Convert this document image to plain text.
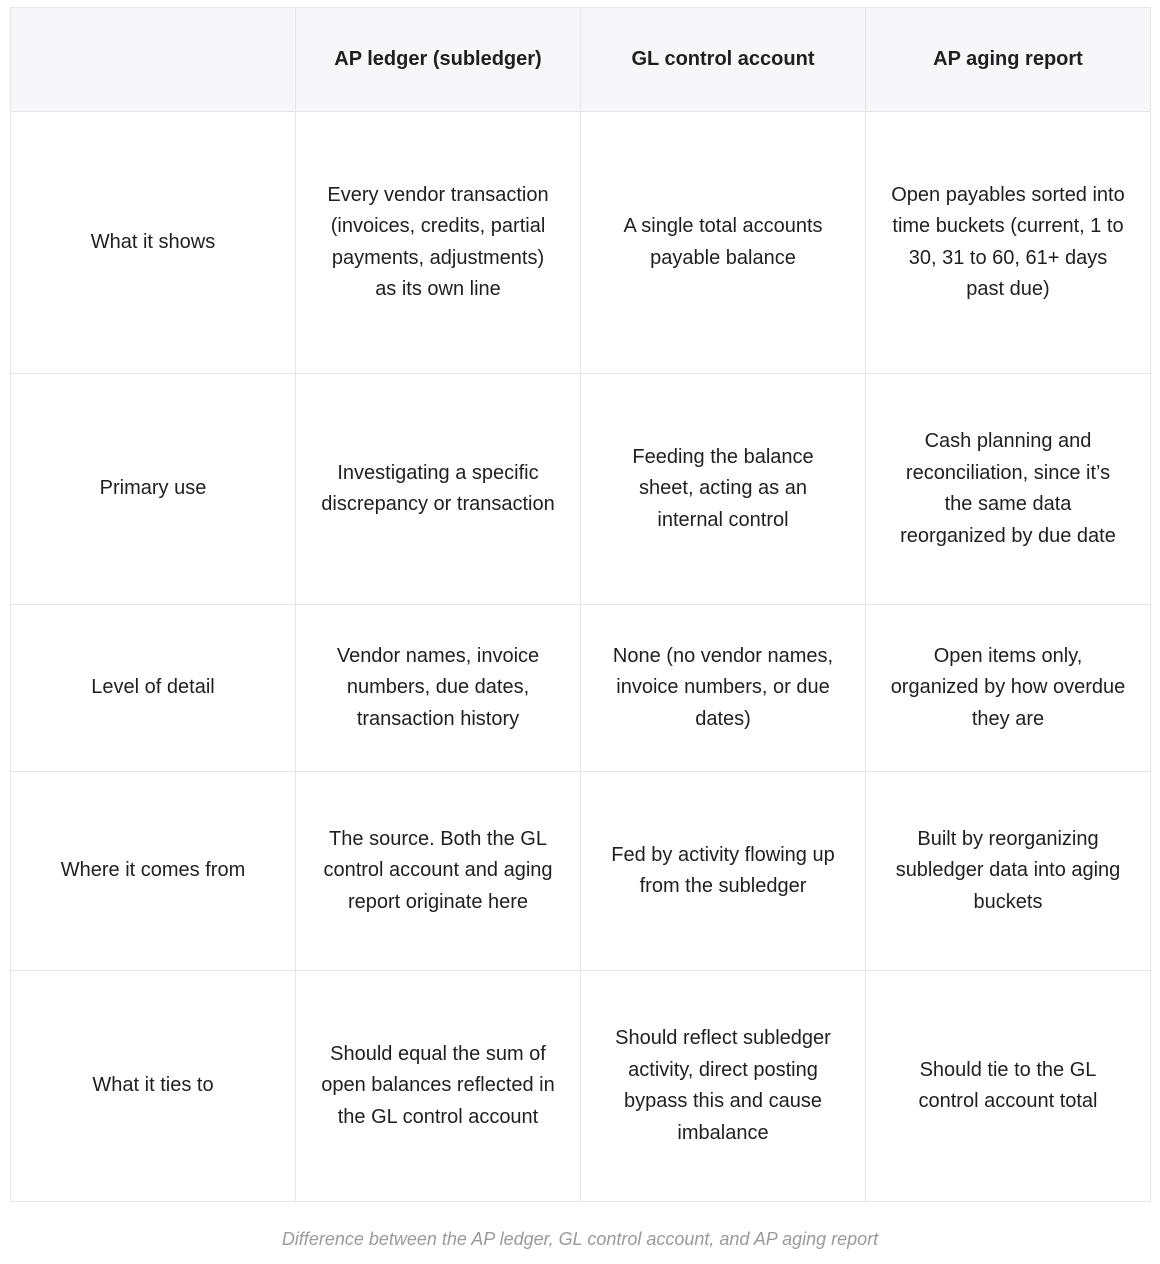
	AP ledger (subledger)	GL control account	AP aging report
What it shows	Every vendor transaction (invoices, credits, partial payments, adjustments) as its own line	A single total accounts payable balance	Open payables sorted into time buckets (current, 1 to 30, 31 to 60, 61+ days past due)
Primary use	Investigating a specific discrepancy or transaction	Feeding the balance sheet, acting as an internal control	Cash planning and reconciliation, since it’s the same data reorganized by due date
Level of detail	Vendor names, invoice numbers, due dates, transaction history	None (no vendor names, invoice numbers, or due dates)	Open items only, organized by how overdue they are
Where it comes from	The source. Both the GL control account and aging report originate here	Fed by activity flowing up from the subledger	Built by reorganizing subledger data into aging buckets
What it ties to	Should equal the sum of open balances reflected in the GL control account	Should reflect subledger activity, direct posting bypass this and cause imbalance	Should tie to the GL control account total
Difference between the AP ledger, GL control account, and AP aging report
